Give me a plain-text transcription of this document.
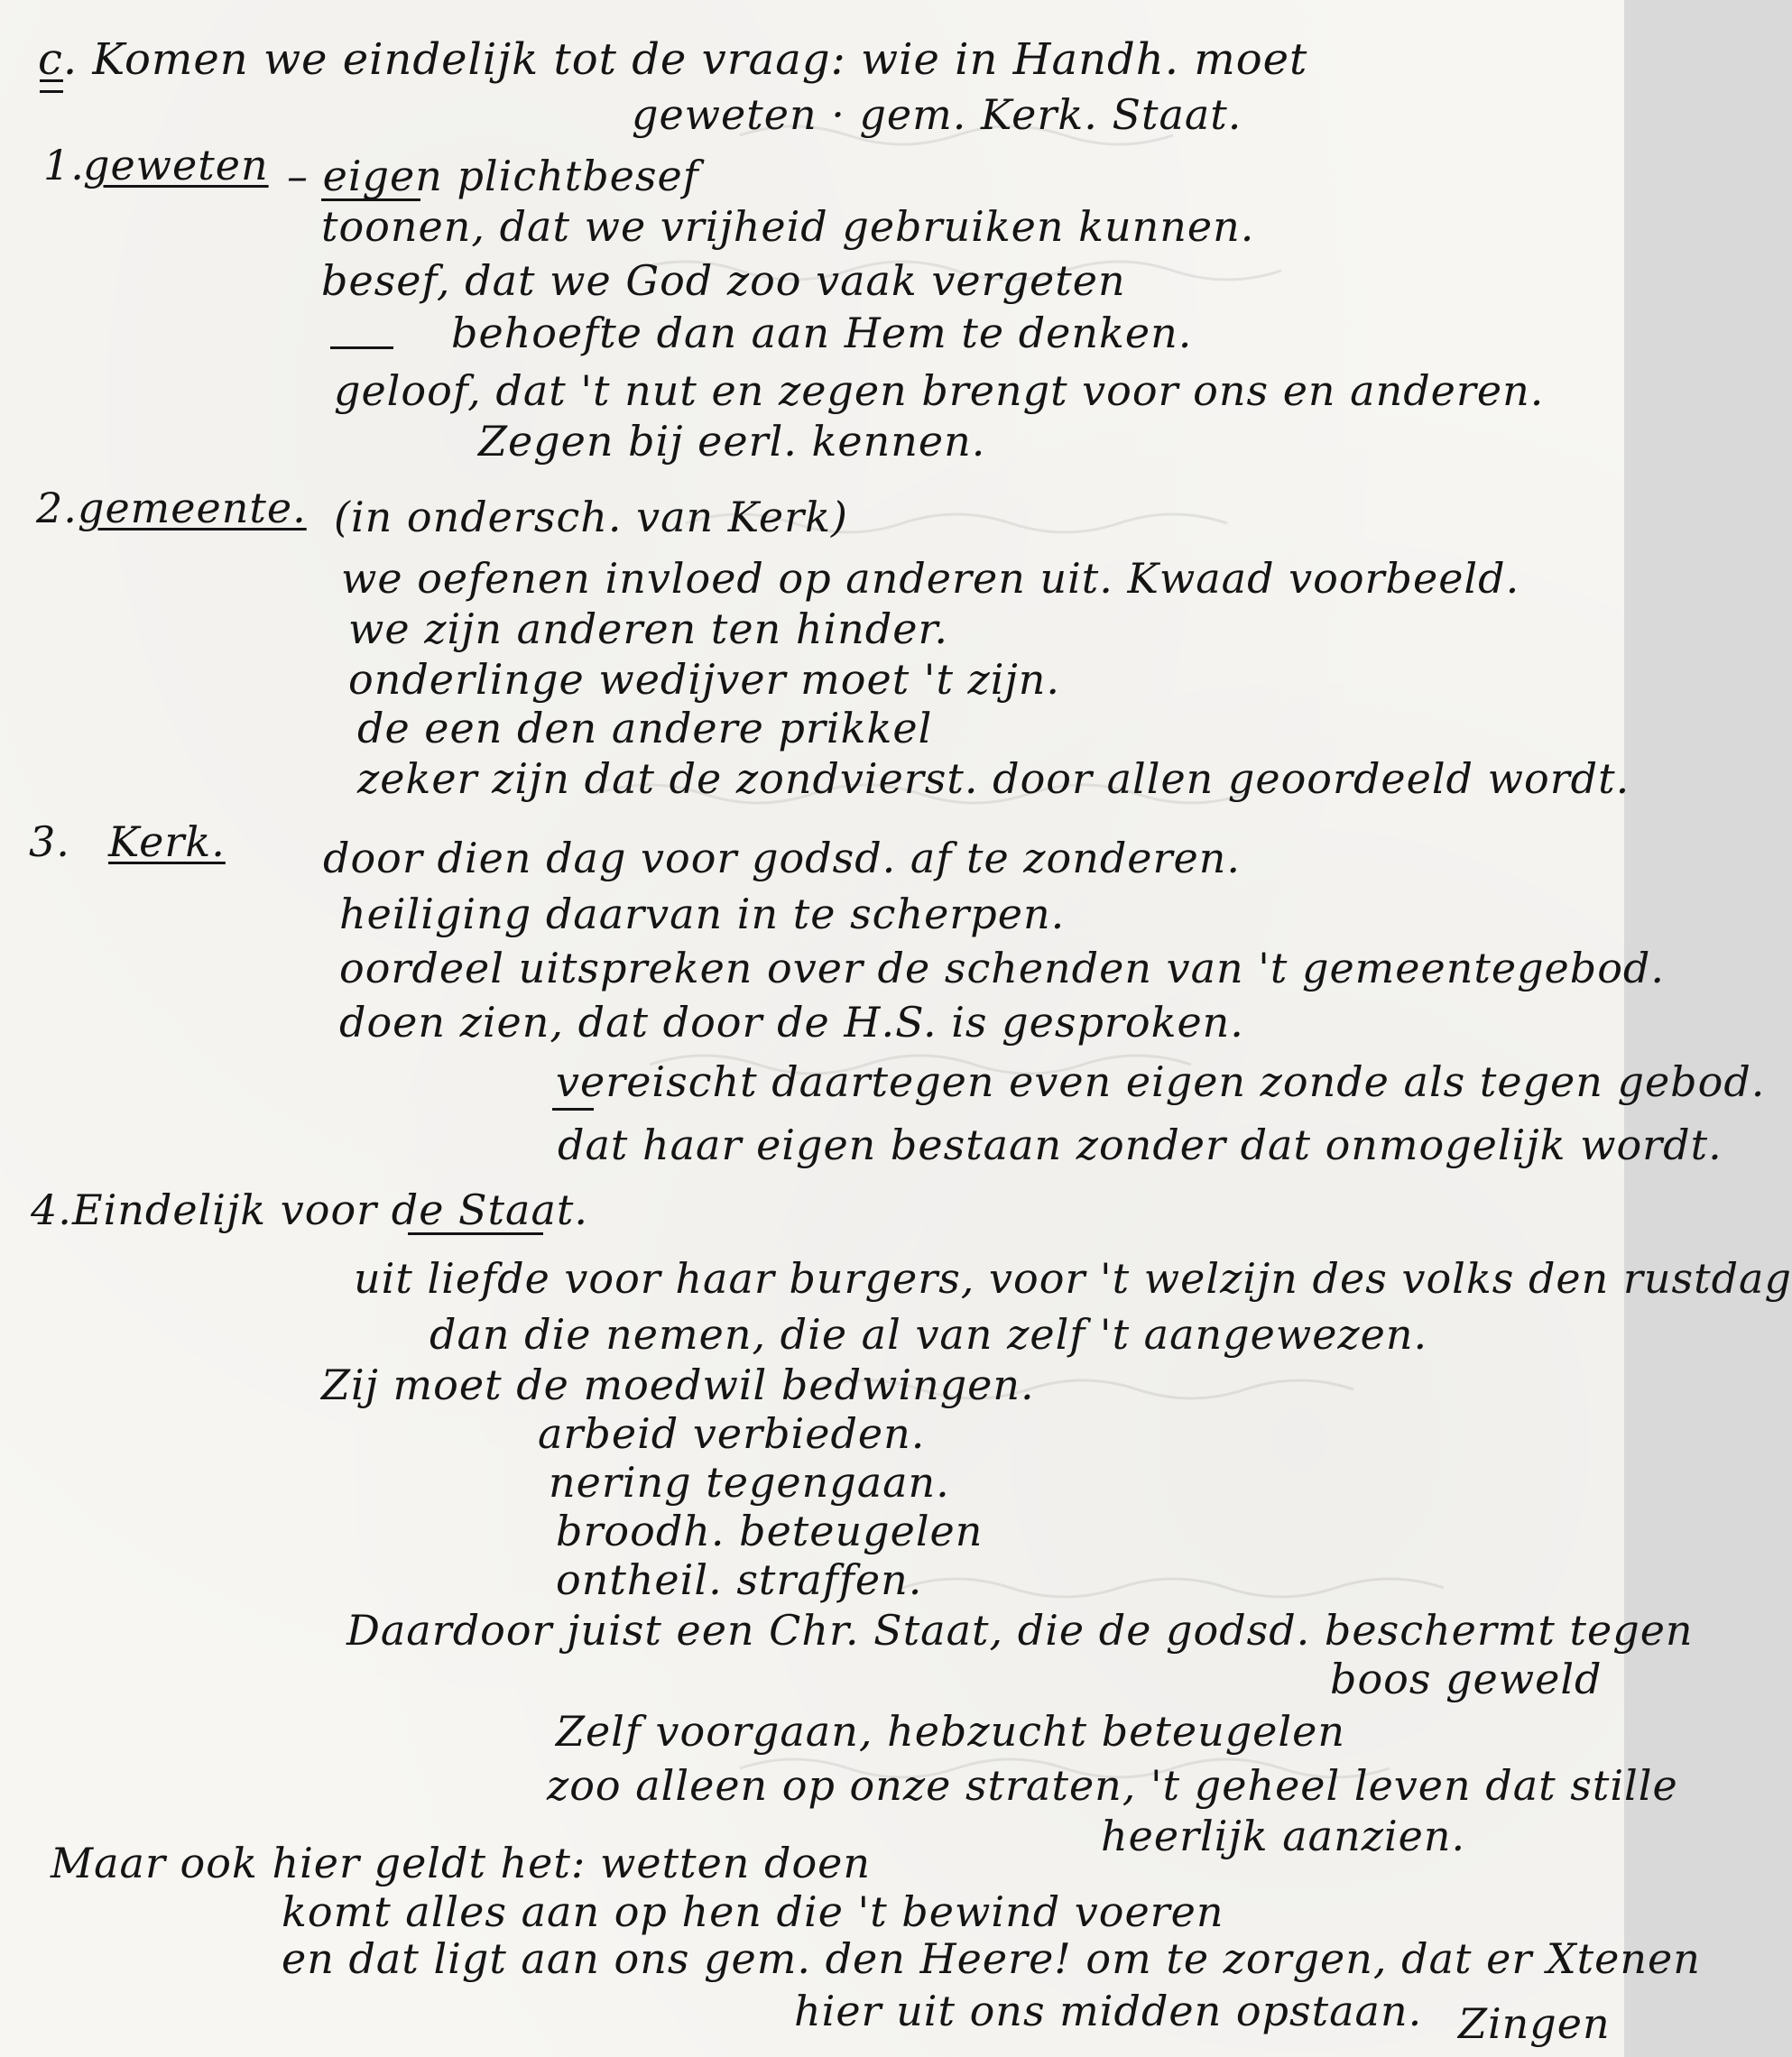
c. Komen we eindelijk tot de vraag: wie in Handh. moet
geweten · gem. Kerk. Staat.
1.
geweten – eigen plichtbesef
toonen, dat we vrijheid gebruiken kunnen.
besef, dat we God zoo vaak vergeten
behoefte dan aan Hem te denken.
geloof, dat 't nut en zegen brengt voor ons en anderen.
Zegen bij eerl. kennen.
2. gemeente. (in ondersch. van Kerk)
we oefenen invloed op anderen uit. Kwaad voorbeeld.
we zijn anderen ten hinder.
onderlinge wedijver moet 't zijn.
de een den andere prikkel
zeker zijn dat de zondvierst. door allen geoordeeld wordt.
3. Kerk. door dien dag voor godsd. af te zonderen.
heiliging daarvan in te scherpen.
oordeel uitspreken over de schenden van 't gemeentegebod.
doen zien, dat door de H.S. is gesproken.
vereischt daartegen even eigen zonde als tegen gebod.
dat haar eigen bestaan zonder dat onmogelijk wordt.
4. Eindelijk voor de Staat.
uit liefde voor haar burgers, voor 't welzijn des volks den rustdag
dan die nemen, die al van zelf 't aangewezen.
Zij moet de moedwil bedwingen.
arbeid verbieden.
nering tegengaan.
broodh. beteugelen
ontheil. straffen.
Daardoor juist een Chr. Staat, die de godsd. beschermt tegen
boos geweld
Zelf voorgaan, hebzucht beteugelen
zoo alleen op onze straten, 't geheel leven dat stille
heerlijk aanzien.
Maar ook hier geldt het: wetten doen
komt alles aan op hen die 't bewind voeren
en dat ligt aan ons gem. den Heere! om te zorgen, dat er Xtenen
hier uit ons midden opstaan. Zingen
